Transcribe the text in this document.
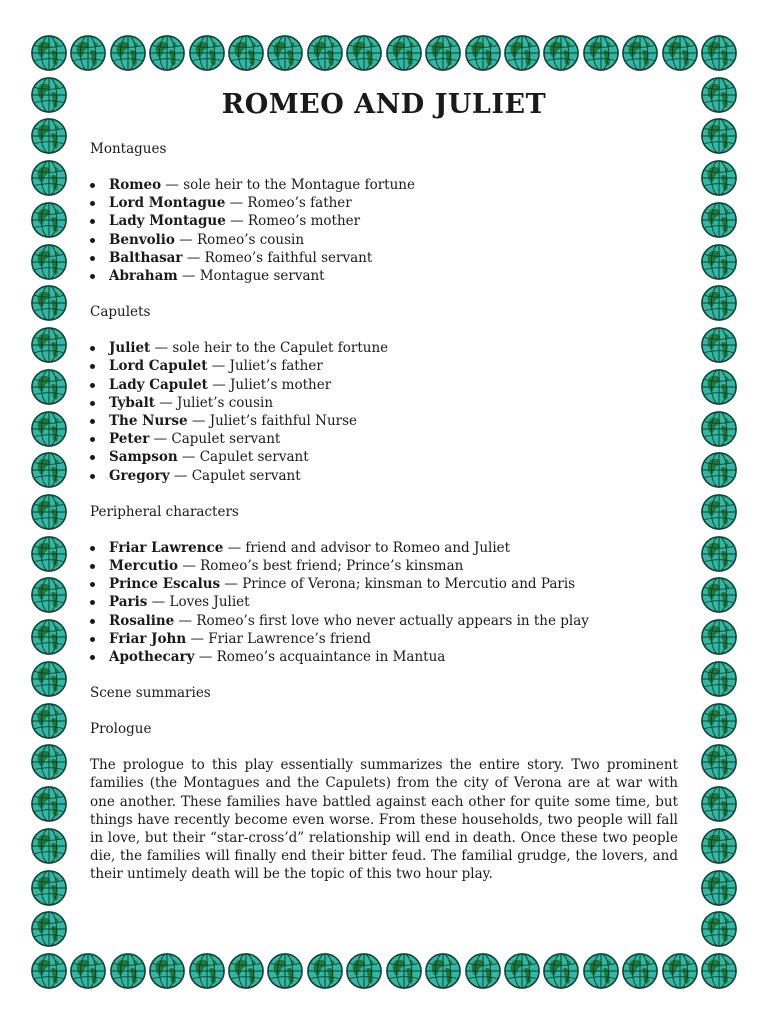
ROMEO AND JULIET

Montagues

Romeo — sole heir to the Montague fortune
Lord Montague — Romeo’s father
Lady Montague — Romeo’s mother
Benvolio — Romeo’s cousin
Balthasar — Romeo’s faithful servant
Abraham — Montague servant

Capulets

Juliet — sole heir to the Capulet fortune
Lord Capulet — Juliet’s father
Lady Capulet — Juliet’s mother
Tybalt — Juliet’s cousin
The Nurse — Juliet’s faithful Nurse
Peter — Capulet servant
Sampson — Capulet servant
Gregory — Capulet servant

Peripheral characters

Friar Lawrence — friend and advisor to Romeo and Juliet
Mercutio — Romeo’s best friend; Prince’s kinsman
Prince Escalus — Prince of Verona; kinsman to Mercutio and Paris
Paris — Loves Juliet
Rosaline — Romeo’s first love who never actually appears in the play
Friar John — Friar Lawrence’s friend
Apothecary — Romeo’s acquaintance in Mantua

Scene summaries

Prologue

The prologue to this play essentially summarizes the entire story. Two prominent families (the Montagues and the Capulets) from the city of Verona are at war with one another. These families have battled against each other for quite some time, but things have recently become even worse. From these households, two people will fall in love, but their “star-cross’d” relationship will end in death. Once these two people die, the families will finally end their bitter feud. The familial grudge, the lovers, and their untimely death will be the topic of this two hour play.
